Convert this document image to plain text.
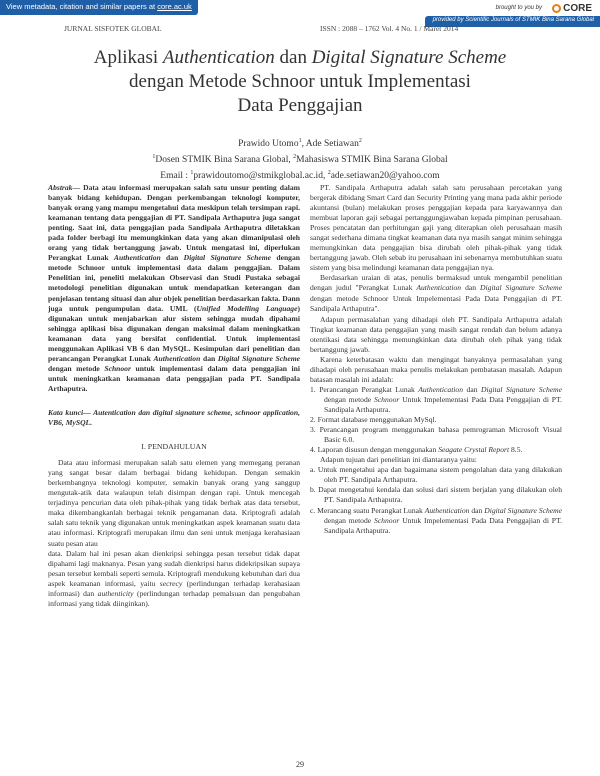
View metadata, citation and similar papers at core.ac.uk	brought to you by CORE
provided by Scientific Journals of STMIK Bina Sarana Global
JURNAL SISFOTEK GLOBAL	ISSN : 2088 – 1762 Vol. 4 No. 1 / Maret 2014
Aplikasi Authentication dan Digital Signature Scheme
dengan Metode Schnoor untuk Implementasi
Data Penggajian
Prawido Utomo$^1$, Ade Setiawan$^2$
$^1$Dosen STMIK Bina Sarana Global, $^2$Mahasiswa STMIK Bina Sarana Global
Email : $^1$prawidoutomo@stmikglobal.ac.id, $^2$ade.setiawan20@yahoo.com
Abstrak— Data atau informasi merupakan salah satu unsur penting dalam banyak bidang kehidupan. Dengan perkembangan teknologi komputer, banyak orang yang mampu mengetahui data meskipun telah tersimpan rapi. keamanan tentang data penggajian di PT. Sandipala Arthaputra juga sangat penting. Saat ini, data penggajian pada Sandipala Arthaputra diletakkan pada folder berbagi itu memungkinkan data yang akan dimanipulasi oleh orang yang tidak bertanggung jawab. Untuk mengatasi ini, diperlukan Perangkat Lunak Authentication dan Digital Signature Scheme dengan metode Schnoor untuk implementasi data dalam penggajian. Dalam Penelitian ini, peneliti melakukan Observasi dan Studi Pustaka sebagai metodologi penelitian digunakan untuk mendapatkan keterangan dan penjelasan tentang situasi dan alur objek penelitian berdasarkan fakta. Dann juga untuk pengumpulan data. UML (Unified Modelling Language) digunakan untuk menjabarkan alur sistem sehingga mudah dipahami sehingga aplikasi bisa digunakan dengan maksimal dalam meningkatkan keamanan data yang bersifat confidential. Untuk implementasi menggunakan Aplikasi VB 6 dan MySQL. Kesimpulan dari penelitian dan perancangan Perangkat Lunak Authentication dan Digital Signature Scheme dengan metode Schnoor untuk implementasi dalam data penggajian ini untuk meningkatkan keamanan data penggajian pada PT. Sandipala Arthaputra.
Kata kunci— Autentication dan digital signature scheme, schnoor application, VB6, MySQL.
I. PENDAHULUAN
Data atau informasi merupakan salah satu elemen yang memegang peranan yang sangat besar dalam berbagai bidang kehidupan. Dengan semakin berkembangnya teknologi komputer, semakin banyak orang yang sanggup mengutak-atik data walaupun telah disimpan dengan rapi. Untuk mencegah terjadinya pencurian data oleh pihak-pihak yang tidak berhak atas data tersebut, maka dikembangkanlah berbagai teknik pengamanan data. Kriptografi adalah salah satu teknik yang digunakan untuk meningkatkan aspek keamanan suatu data atau informasi. Kriptografi merupakan ilmu dan seni untuk menjaga kerahasiaan suatu pesan atau
data. Dalam hal ini pesan akan dienkripsi sehingga pesan tersebut tidak dapat dipahami lagi maknanya. Pesan yang sudah dienkripsi harus didekripsikan supaya pesan tersebut kembali seperti semula. Kriptografi mendukung kebutuhan dari dua aspek keamanan informasi, yaitu secrecy (perlindungan terhadap kerahasiaan informasi) dan authenticity (perlindungan terhadap pemalsuan dan pengubahan informasi yang tidak diinginkan).
PT. Sandipala Arthaputra adalah salah satu perusahaan percetakan yang bergerak dibidang Smart Card dan Security Printing yang mana pada akhir periode akuntansi (bulan) melakukan proses penggajian kepada para karyawannya dan membuat laporan gaji sebagai pertanggungjawaban kepada pimpinan perusahaan. Proses pencatatan dan perhitungan gaji yang diterapkan oleh perusahaan masih sangat sederhana dimana tingkat keamanan data nya masih sangat minim sehingga memungkinkan data penggajian bisa dirubah oleh pihak-pihak yang tidak bertanggung jawab. Oleh sebab itu perusahaan ini sebenarnya membutuhkan suatu sistem yang bisa melindungi keamanan data penggajian nya.
Berdasarkan uraian di atas, penulis bermaksud untuk mengambil penelitian dengan judul "Perangkat Lunak Authentication dan Digital Signature Scheme dengan metode Schnoor Untuk Impelementasi Pada Data Penggajian di PT. Sandipala Arthaputra".
Adapun permasalahan yang dihadapi oleh PT. Sandipala Arthaputra adalah Tingkat keamanan data penggajian yang masih sangat rendah dan belum adanya otentikasi data sehingga memungkinkan data dirubah oleh pihak yang tidak bertanggung jawab.
Karena keterbatasan waktu dan mengingat banyaknya permasalahan yang dihadapi oleh perusahaan maka penulis melakukan pembatasan masalah. Adapun batasan masalah ini adalah:
1. Perancangan Perangkat Lunak Authentication dan Digital Signature Scheme dengan metode Schnoor Untuk Impelementasi Pada Data Penggajian di PT. Sandipala Arthaputra.
2. Format database menggunakan MySql.
3. Perancangan program menggunakan bahasa pemrograman Microsoft Visual Basic 6.0.
4. Laporan disusun dengan menggunakan Seagate Crystal Report 8.5.
Adapun tujuan dari penelitian ini diantaranya yaitu:
a. Untuk mengetahui apa dan bagaimana sistem pengolahan data yang dilakukan oleh PT. Sandipala Arthaputra.
b. Dapat mengetahui kendala dan solusi dari sistem berjalan yang dilakukan oleh PT. Sandipala Arthaputra.
c. Merancang suatu Perangkat Lunak Authentication dan Digital Signature Scheme dengan metode Schnoor Untuk Impelementasi Pada Data Penggajian di PT. Sandipala Arthaputra.
29
